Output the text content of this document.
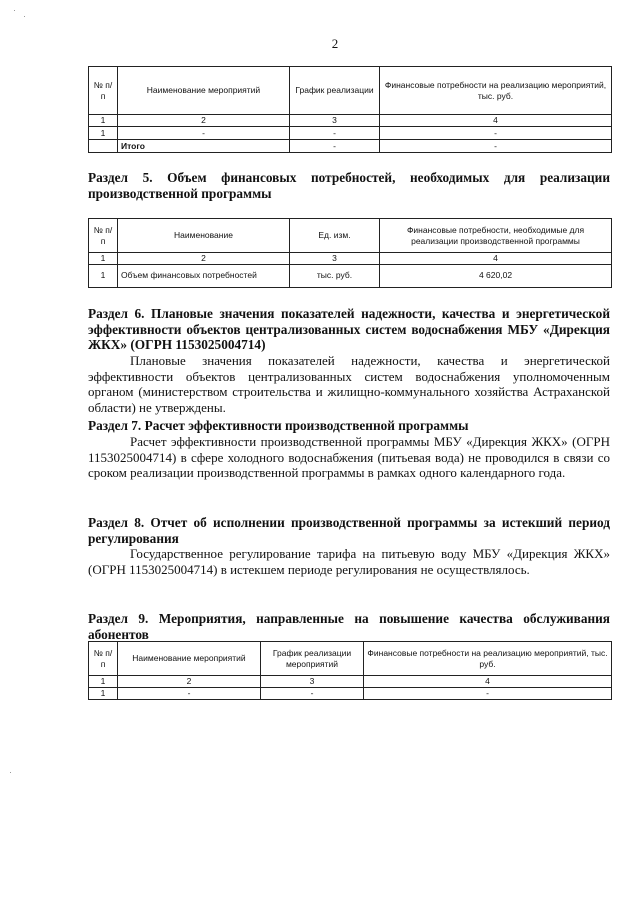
2
№ п/п	Наименование мероприятий	График реализации	Финансовые потребности на реализацию мероприятий, тыс. руб.
1	2	3	4
1	-	-	-
	Итого	-	-
Раздел 5. Объем финансовых потребностей, необходимых для реализации производственной программы
№ п/п	Наименование	Ед. изм.	Финансовые потребности, необходимые для реализации производственной программы
1	2	3	4
1	Объем финансовых потребностей	тыс. руб.	4 620,02
Раздел 6. Плановые значения показателей надежности, качества и энергетической эффективности объектов централизованных систем водоснабжения МБУ «Дирекция ЖКХ» (ОГРН 1153025004714)
Плановые значения показателей надежности, качества и энергетической эффективности объектов централизованных систем водоснабжения уполномоченным органом (министерством строительства и жилищно-коммунального хозяйства Астраханской области) не утверждены.
Раздел 7. Расчет эффективности производственной программы
Расчет эффективности производственной программы МБУ «Дирекция ЖКХ» (ОГРН 1153025004714) в сфере холодного водоснабжения (питьевая вода) не проводился в связи со сроком реализации производственной программы в рамках одного календарного года.
Раздел 8. Отчет об исполнении производственной программы за истекший период регулирования
Государственное регулирование тарифа на питьевую воду МБУ «Дирекция ЖКХ» (ОГРН 1153025004714) в истекшем периоде регулирования не осуществлялось.
Раздел 9. Мероприятия, направленные на повышение качества обслуживания абонентов
№ п/п	Наименование мероприятий	График реализации мероприятий	Финансовые потребности на реализацию мероприятий, тыс. руб.
1	2	3	4
1	-	-	-
